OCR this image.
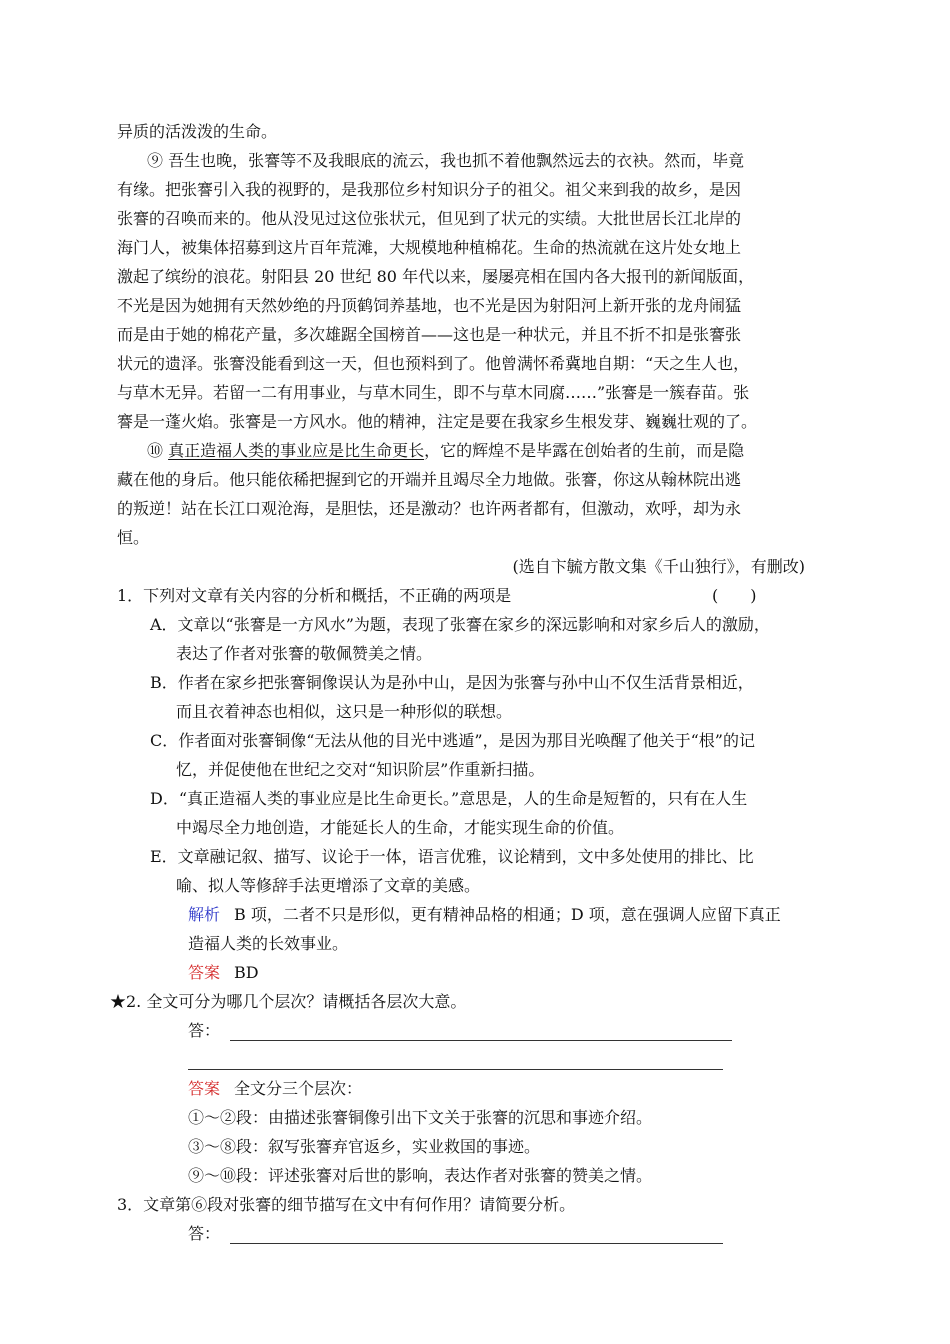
异质的活泼泼的生命。
⑨ 吾生也晚，张謇等不及我眼底的流云，我也抓不着他飘然远去的衣袂。然而，毕竟
有缘。把张謇引入我的视野的，是我那位乡村知识分子的祖父。祖父来到我的故乡，是因
张謇的召唤而来的。他从没见过这位张状元，但见到了状元的实绩。大批世居长江北岸的
海门人，被集体招募到这片百年荒滩，大规模地种植棉花。生命的热流就在这片处女地上
激起了缤纷的浪花。射阳县 20 世纪 80 年代以来，屡屡亮相在国内各大报刊的新闻版面，
不光是因为她拥有天然妙绝的丹顶鹤饲养基地，也不光是因为射阳河上新开张的龙舟闹猛
而是由于她的棉花产量，多次雄踞全国榜首——这也是一种状元，并且不折不扣是张謇张
状元的遗泽。张謇没能看到这一天，但也预料到了。他曾满怀希冀地自期：“天之生人也，
与草木无异。若留一二有用事业，与草木同生，即不与草木同腐……”张謇是一簇春苗。张
謇是一蓬火焰。张謇是一方风水。他的精神，注定是要在我家乡生根发芽、巍巍壮观的了。
⑩ 真正造福人类的事业应是比生命更长，它的辉煌不是毕露在创始者的生前，而是隐
藏在他的身后。他只能依稀把握到它的开端并且竭尽全力地做。张謇，你这从翰林院出逃
的叛逆！站在长江口观沧海，是胆怯，还是激动？也许两者都有，但激动，欢呼，却为永
恒。
(选自卞毓方散文集《千山独行》，有删改)
1．下列对文章有关内容的分析和概括，不正确的两项是	(　　)
A．文章以“张謇是一方风水”为题，表现了张謇在家乡的深远影响和对家乡后人的激励，
表达了作者对张謇的敬佩赞美之情。
B．作者在家乡把张謇铜像误认为是孙中山，是因为张謇与孙中山不仅生活背景相近，
而且衣着神态也相似，这只是一种形似的联想。
C．作者面对张謇铜像“无法从他的目光中逃遁”，是因为那目光唤醒了他关于“根”的记
忆，并促使他在世纪之交对“知识阶层”作重新扫描。
D．“真正造福人类的事业应是比生命更长。”意思是，人的生命是短暂的，只有在人生
中竭尽全力地创造，才能延长人的生命，才能实现生命的价值。
E．文章融记叙、描写、议论于一体，语言优雅，议论精到，文中多处使用的排比、比
喻、拟人等修辞手法更增添了文章的美感。
解析 B 项，二者不只是形似，更有精神品格的相通；D 项，意在强调人应留下真正
造福人类的长效事业。
答案 BD
★2. 全文可分为哪几个层次？请概括各层次大意。
答：
答案 全文分三个层次：
①～②段：由描述张謇铜像引出下文关于张謇的沉思和事迹介绍。
③～⑧段：叙写张謇弃官返乡，实业救国的事迹。
⑨～⑩段：评述张謇对后世的影响，表达作者对张謇的赞美之情。
3．文章第⑥段对张謇的细节描写在文中有何作用？请简要分析。
答：
